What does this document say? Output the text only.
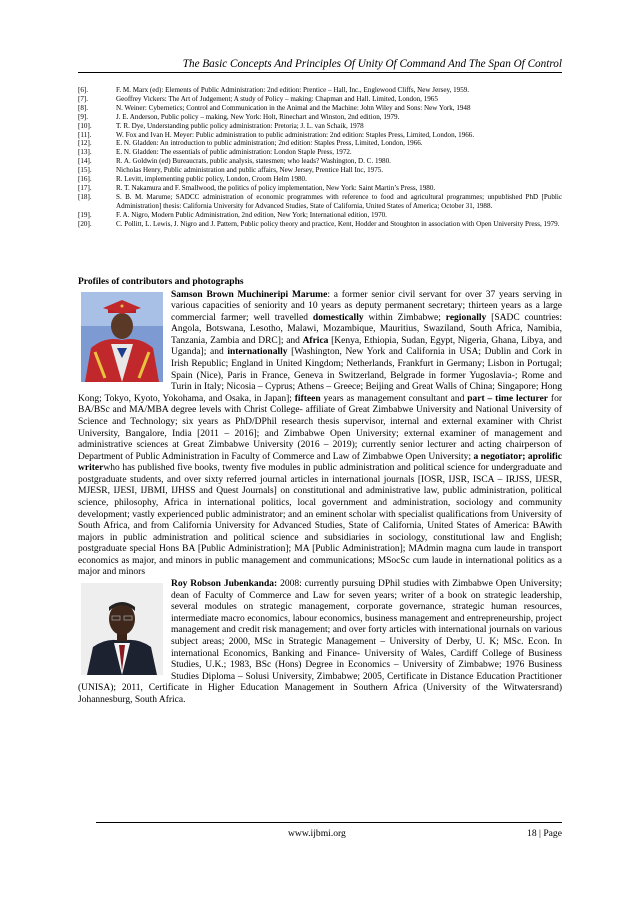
The Basic Concepts And Principles Of Unity Of Command And The Span Of Control
[6].	F. M. Marx (ed): Elements of Public Administration: 2nd edition: Prentice – Hall, Inc., Englewood Cliffs, New Jersey, 1959.
[7].	Geoffrey Vickers: The Art of Judgement; A study of Policy – making: Chapman and Hall. Limited, London, 1965
[8].	N. Weiner: Cybernetics; Control and Communication in the Animal and the Machine: John Wiley and Sons: New York, 1948
[9].	J. E. Anderson, Public policy – making, New York: Holt, Rinechart and Winston, 2nd edition, 1979.
[10].	T. R. Dye, Understanding public policy administration: Pretoria; J. L. van Schaik, 1978
[11].	W. Fox and Ivan H. Meyer: Public administration to public administration: 2nd edition: Staples Press, Limited, London, 1966.
[12].	E. N. Gladden: An introduction to public administration; 2nd edition: Staples Press, Limited, London, 1966.
[13].	E. N. Gladden: The essentials of public administration: London Staple Press, 1972.
[14].	R. A. Goldwin (ed) Bureaucrats, public analysis, statesmen; who leads? Washington, D. C. 1980.
[15].	Nicholas Henry, Public administration and public affairs, New Jersey, Prentice Hall Inc, 1975.
[16].	R. Levitt, implementing public policy, London, Croom Helm 1980.
[17].	R. T. Nakamura and F. Smallwood, the politics of policy implementation, New York: Saint Martin’s Press, 1980.
[18].	S. B. M. Marume; SADCC administration of economic programmes with reference to food and agricultural programmes; unpublished PhD [Public Administration] thesis: California University for Advanced Studies, State of California, United States of America; October 31, 1988.
[19].	F. A. Nigro, Modern Public Administration, 2nd edition, New York; International edition, 1970.
[20].	C. Pollitt, L. Lewis, J. Nigro and J. Pattern, Public policy theory and practice, Kent, Hodder and Stoughton in association with Open University Press, 1979.
Profiles of contributors and photographs

Samson Brown Muchineripi Marume: a former senior civil servant for over 37 years serving in various capacities of seniority and 10 years as deputy permanent secretary; thirteen years as a large commercial farmer; well travelled domestically within Zimbabwe; regionally [SADC countries: Angola, Botswana, Lesotho, Malawi, Mozambique, Mauritius, Swaziland, South Africa, Namibia, Tanzania, Zambia and DRC]; and Africa [Kenya, Ethiopia, Sudan, Egypt, Nigeria, Ghana, Libya, and Uganda]; and internationally [Washington, New York and California in USA; Dublin and Cork in Irish Republic; England in United Kingdom; Netherlands, Frankfurt in Germany; Lisbon in Portugal; Spain (Nice), Paris in France, Geneva in Switzerland, Belgrade in former Yugoslavia-; Rome and Turin in Italy; Nicosia – Cyprus; Athens – Greece; Beijing and Great Walls of China; Singapore; Hong Kong; Tokyo, Kyoto, Yokohama, and Osaka, in Japan]; fifteen years as management consultant and part – time lecturer for BA/BSc and MA/MBA degree levels with Christ College- affiliate of Great Zimbabwe University and National University of Science and Technology; six years as PhD/DPhil research thesis supervisor, internal and external examiner with Christ University, Bangalore, India [2011 – 2016]; and Zimbabwe Open University; external examiner of management and administrative sciences at Great Zimbabwe University (2016 – 2019); currently senior lecturer and acting chairperson of Department of Public Administration in Faculty of Commerce and Law of Zimbabwe Open University; a negotiator; aprolific writerwho has published five books, twenty five modules in public administration and political science for undergraduate and postgraduate students, and over sixty referred journal articles in international journals [IOSR, IJSR, ISCA – IRJSS, IJESR, MJESR, IJESI, IJBMI, IJHSS and Quest Journals] on constitutional and administrative law, public administration, political science, philosophy, Africa in international politics, local government and administration, sociology and community development; vastly experienced public administrator; and an eminent scholar with specialist qualifications from University of South Africa, and from California University for Advanced Studies, State of California, United States of America: BAwith majors in public administration and political science and subsidiaries in sociology, constitutional law and English; postgraduate special Hons BA [Public Administration]; MA [Public Administration]; MAdmin magna cum laude in transport economics as major, and minors in public management and communications; MSocSc cum laude in international politics as a major and minors

Roy Robson Jubenkanda: 2008: currently pursuing DPhil studies with Zimbabwe Open University; dean of Faculty of Commerce and Law for seven years; writer of a book on strategic leadership, several modules on strategic management, corporate governance, strategic human resources, intermediate macro economics, labour economics, business management and entrepreneurship, project management and credit risk management; and over forty articles with international journals on various subject areas; 2000, MSc in Strategic Management – University of Derby, U. K; MSc. Econ. In international Economics, Banking and Finance- University of Wales, Cardiff College of Business Studies, U.K.; 1983, BSc (Hons) Degree in Economics – University of Zimbabwe; 1976 Business Studies Diploma – Solusi University, Zimbabwe; 2005, Certificate in Distance Education Practitioner (UNISA); 2011, Certificate in Higher Education Management in Southern Africa (University of the Witwatersrand) Johannesburg, South Africa.

www.ijbmi.org	18 | Page
